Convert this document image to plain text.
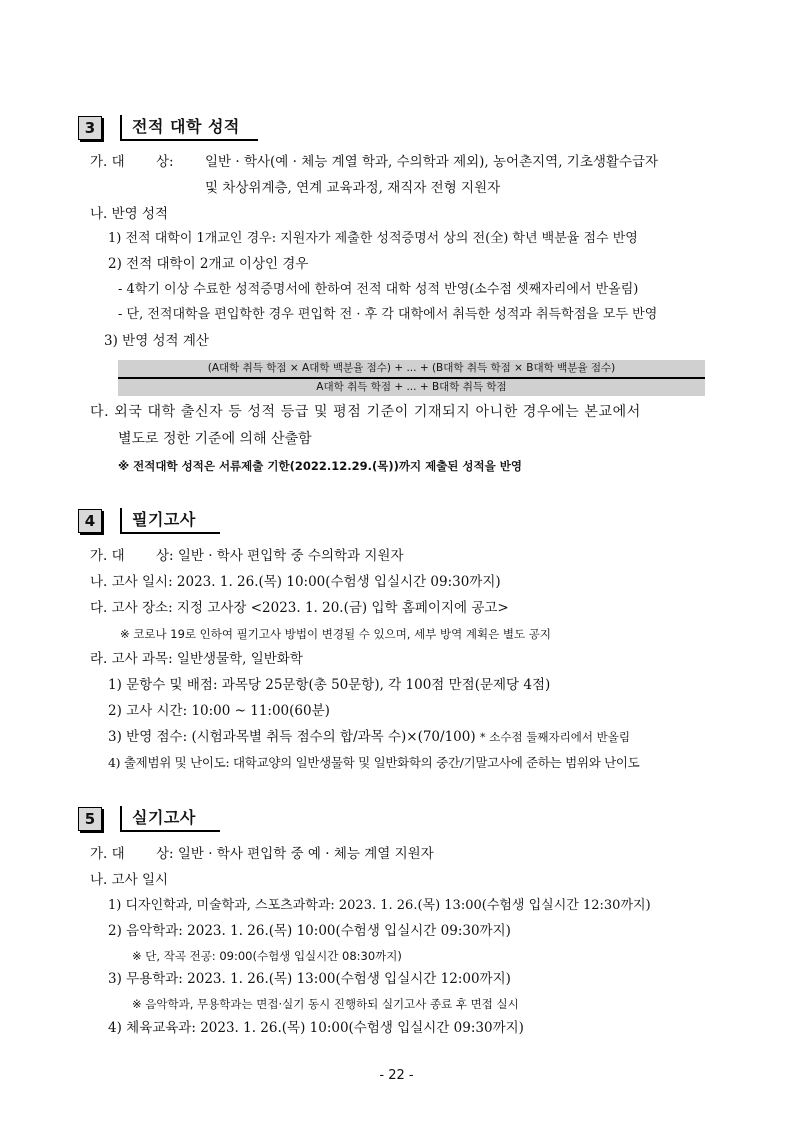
3	전적 대학 성적
가. 대　　 상: 일반 · 학사(예 · 체능 계열 학과, 수의학과 제외), 농어촌지역, 기초생활수급자
및 차상위계층, 연계 교육과정, 재직자 전형 지원자
나. 반영 성적
1) 전적 대학이 1개교인 경우: 지원자가 제출한 성적증명서 상의 전(全) 학년 백분율 점수 반영
2) 전적 대학이 2개교 이상인 경우
- 4학기 이상 수료한 성적증명서에 한하여 전적 대학 성적 반영(소수점 셋째자리에서 반올림)
- 단, 전적대학을 편입학한 경우 편입학 전 · 후 각 대학에서 취득한 성적과 취득학점을 모두 반영
3) 반영 성적 계산
(A대학 취득 학점 × A대학 백분율 점수) + ... + (B대학 취득 학점 × B대학 백분율 점수)
A대학 취득 학점 + ... + B대학 취득 학점
다. 외국 대학 출신자 등 성적 등급 및 평점 기준이 기재되지 아니한 경우에는 본교에서
별도로 정한 기준에 의해 산출함
※ 전적대학 성적은 서류제출 기한(2022.12.29.(목))까지 제출된 성적을 반영
4	필기고사
가. 대　　 상: 일반 · 학사 편입학 중 수의학과 지원자
나. 고사 일시: 2023. 1. 26.(목) 10:00(수험생 입실시간 09:30까지)
다. 고사 장소: 지정 고사장 <2023. 1. 20.(금) 입학 홈페이지에 공고>
※ 코로나 19로 인하여 필기고사 방법이 변경될 수 있으며, 세부 방역 계획은 별도 공지
라. 고사 과목: 일반생물학, 일반화학
1) 문항수 및 배점: 과목당 25문항(총 50문항), 각 100점 만점(문제당 4점)
2) 고사 시간: 10:00 ~ 11:00(60분)
3) 반영 점수: (시험과목별 취득 점수의 합/과목 수)×(70/100) * 소수점 둘째자리에서 반올림
4) 출제범위 및 난이도: 대학교양의 일반생물학 및 일반화학의 중간/기말고사에 준하는 범위와 난이도
5	실기고사
가. 대　　 상: 일반 · 학사 편입학 중 예 · 체능 계열 지원자
나. 고사 일시
1) 디자인학과, 미술학과, 스포츠과학과: 2023. 1. 26.(목) 13:00(수험생 입실시간 12:30까지)
2) 음악학과: 2023. 1. 26.(목) 10:00(수험생 입실시간 09:30까지)
※ 단, 작곡 전공: 09:00(수험생 입실시간 08:30까지)
3) 무용학과: 2023. 1. 26.(목) 13:00(수험생 입실시간 12:00까지)
※ 음악학과, 무용학과는 면접·실기 동시 진행하되 실기고사 종료 후 면접 실시
4) 체육교육과: 2023. 1. 26.(목) 10:00(수험생 입실시간 09:30까지)
- 22 -
